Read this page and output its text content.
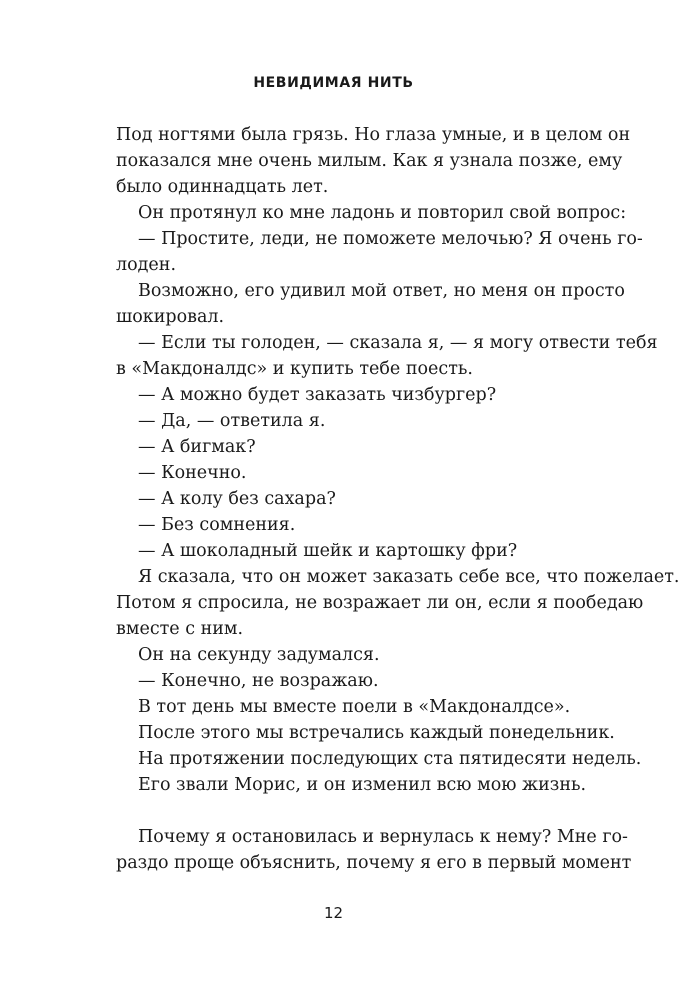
НЕВИДИМАЯ НИТЬ
Под ногтями была грязь. Но глаза умные, и в целом он
показался мне очень милым. Как я узнала позже, ему
было одиннадцать лет.
Он протянул ко мне ладонь и повторил свой вопрос:
— Простите, леди, не поможете мелочью? Я очень го-
лоден.
Возможно, его удивил мой ответ, но меня он просто
шокировал.
— Если ты голоден, — сказала я, — я могу отвести тебя
в «Макдоналдс» и купить тебе поесть.
— А можно будет заказать чизбургер?
— Да, — ответила я.
— А бигмак?
— Конечно.
— А колу без сахара?
— Без сомнения.
— А шоколадный шейк и картошку фри?
Я сказала, что он может заказать себе все, что пожелает.
Потом я спросила, не возражает ли он, если я пообедаю
вместе с ним.
Он на секунду задумался.
— Конечно, не возражаю.
В тот день мы вместе поели в «Макдоналдсе».
После этого мы встречались каждый понедельник.
На протяжении последующих ста пятидесяти недель.
Его звали Морис, и он изменил всю мою жизнь.
Почему я остановилась и вернулась к нему? Мне го-
раздо проще объяснить, почему я его в первый момент
12
